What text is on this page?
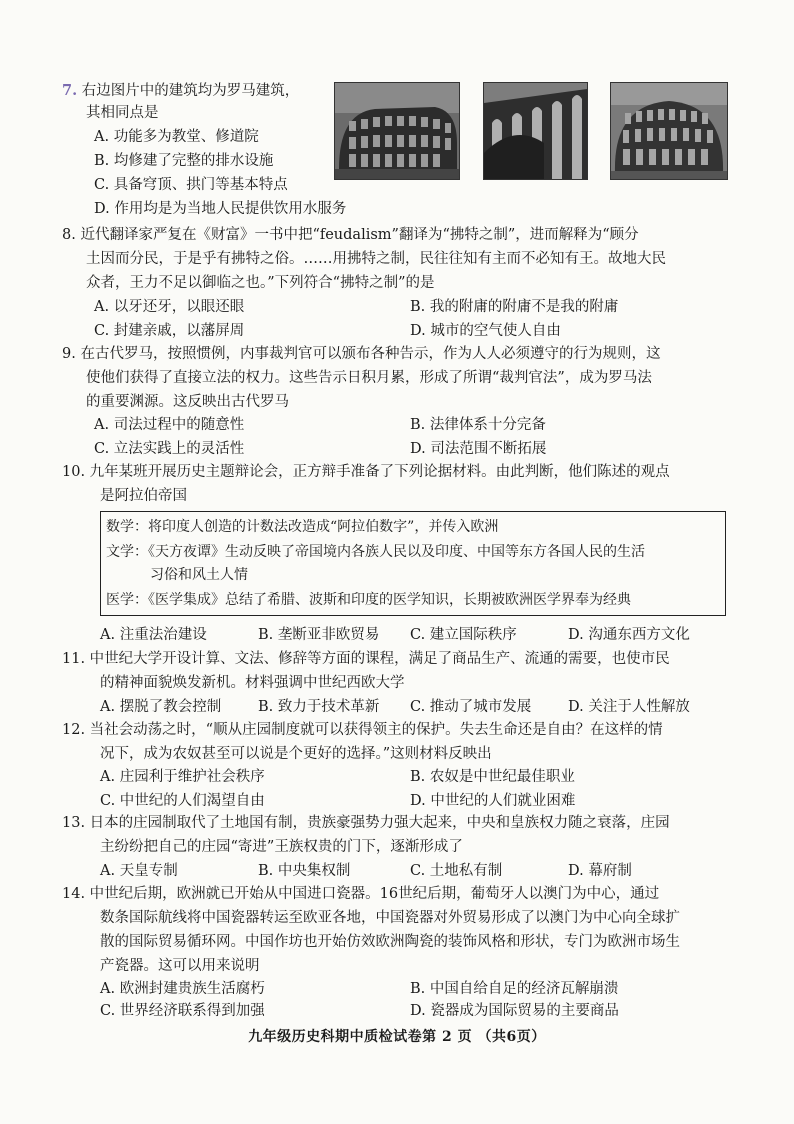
7. 右边图片中的建筑均为罗马建筑，
其相同点是
A. 功能多为教堂、修道院
B. 均修建了完整的排水设施
C. 具备穹顶、拱门等基本特点
D. 作用均是为当地人民提供饮用水服务
8. 近代翻译家严复在《财富》一书中把“feudalism”翻译为“拂特之制”，进而解释为“顾分
土因而分民，于是乎有拂特之俗。……用拂特之制，民往往知有主而不必知有王。故地大民
众者，王力不足以御临之也。”下列符合“拂特之制”的是
A. 以牙还牙，以眼还眼	B. 我的附庸的附庸不是我的附庸
C. 封建亲戚，以藩屏周	D. 城市的空气使人自由
9. 在古代罗马，按照惯例，内事裁判官可以颁布各种告示，作为人人必须遵守的行为规则，这
使他们获得了直接立法的权力。这些告示日积月累，形成了所谓“裁判官法”，成为罗马法
的重要渊源。这反映出古代罗马
A. 司法过程中的随意性	B. 法律体系十分完备
C. 立法实践上的灵活性	D. 司法范围不断拓展
10. 九年某班开展历史主题辩论会，正方辩手准备了下列论据材料。由此判断，他们陈述的观点
是阿拉伯帝国
数学：将印度人创造的计数法改造成“阿拉伯数字”，并传入欧洲
文学：《天方夜谭》生动反映了帝国境内各族人民以及印度、中国等东方各国人民的生活
习俗和风土人情
医学：《医学集成》总结了希腊、波斯和印度的医学知识，长期被欧洲医学界奉为经典
A. 注重法治建设	B. 垄断亚非欧贸易 C. 建立国际秩序	D. 沟通东西方文化
11. 中世纪大学开设计算、文法、修辞等方面的课程，满足了商品生产、流通的需要，也使市民
的精神面貌焕发新机。材料强调中世纪西欧大学
A. 摆脱了教会控制	B. 致力于技术革新 C. 推动了城市发展	D. 关注于人性解放
12. 当社会动荡之时，“顺从庄园制度就可以获得领主的保护。失去生命还是自由？在这样的情
况下，成为农奴甚至可以说是个更好的选择。”这则材料反映出
A. 庄园利于维护社会秩序	B. 农奴是中世纪最佳职业
C. 中世纪的人们渴望自由	D. 中世纪的人们就业困难
13. 日本的庄园制取代了土地国有制，贵族豪强势力强大起来，中央和皇族权力随之衰落，庄园
主纷纷把自己的庄园“寄进”王族权贵的门下，逐渐形成了
A. 天皇专制	B. 中央集权制	C. 土地私有制	D. 幕府制
14. 中世纪后期，欧洲就已开始从中国进口瓷器。16世纪后期，葡萄牙人以澳门为中心，通过
数条国际航线将中国瓷器转运至欧亚各地，中国瓷器对外贸易形成了以澳门为中心向全球扩
散的国际贸易循环网。中国作坊也开始仿效欧洲陶瓷的装饰风格和形状，专门为欧洲市场生
产瓷器。这可以用来说明
A. 欧洲封建贵族生活腐朽	B. 中国自给自足的经济瓦解崩溃
C. 世界经济联系得到加强	D. 瓷器成为国际贸易的主要商品
九年级历史科期中质检试卷第 2 页 （共6页）
